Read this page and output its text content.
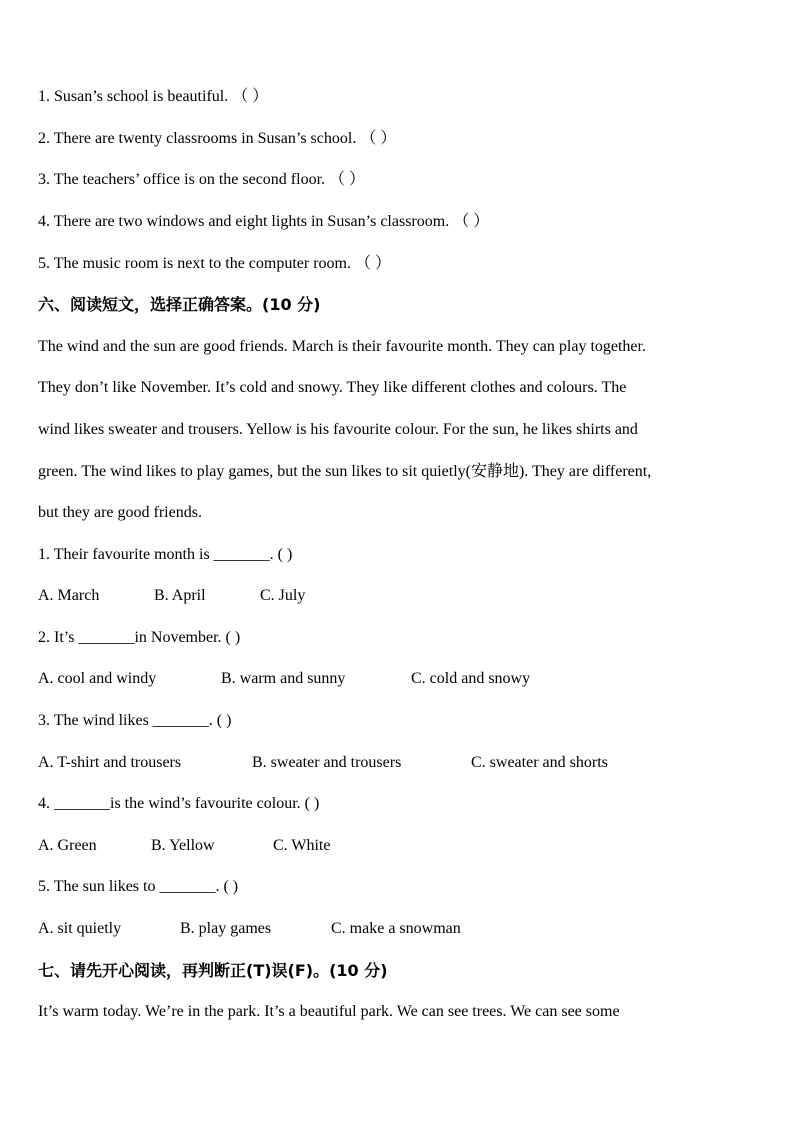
1. Susan’s school is beautiful. （ ）
2. There are twenty classrooms in Susan’s school. （ ）
3. The teachers’ office is on the second floor. （ ）
4. There are two windows and eight lights in Susan’s classroom. （ ）
5. The music room is next to the computer room. （ ）
六、阅读短文，选择正确答案。(10 分)
The wind and the sun are good friends. March is their favourite month. They can play together.
They don’t like November. It’s cold and snowy. They like different clothes and colours. The
wind likes sweater and trousers. Yellow is his favourite colour. For the sun, he likes shirts and
green. The wind likes to play games, but the sun likes to sit quietly(安静地). They are different,
but they are good friends.
1. Their favourite month is _______. ( )
A. March	B. April	C. July
2. It’s _______in November. ( )
A. cool and windy	B. warm and sunny	C. cold and snowy
3. The wind likes _______. ( )
A. T-shirt and trousers	B. sweater and trousers	C. sweater and shorts
4. _______is the wind’s favourite colour. ( )
A. Green	B. Yellow	C. White
5. The sun likes to _______. ( )
A. sit quietly	B. play games	C. make a snowman
七、请先开心阅读，再判断正(T)误(F)。(10 分)
It’s warm today. We’re in the park. It’s a beautiful park. We can see trees. We can see some
